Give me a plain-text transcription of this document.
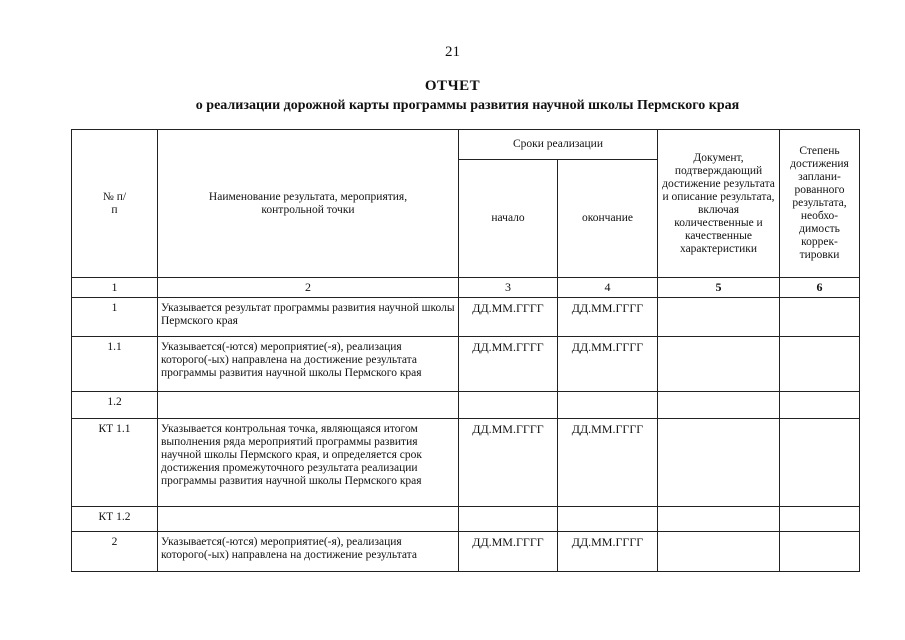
21
ОТЧЕТ
о реализации дорожной карты программы развития научной школы Пермского края
№ п/п	Наименование результата, мероприятия, контрольной точки	Сроки реализации		Документ, подтверждающий достижение результата и описание результата, включая количественные и качественные характеристики	Степень достижения заплани-рованного результата, необхо-димость коррек-тировки
		начало	окончание		
1	2	3	4	5	6
1	Указывается результат программы развития научной школы Пермского края	ДД.ММ.ГГГГ	ДД.ММ.ГГГГ		
1.1	Указывается(-ются) мероприятие(-я), реализация которого(-ых) направлена на достижение результата программы развития научной школы Пермского края	ДД.ММ.ГГГГ	ДД.ММ.ГГГГ		
1.2					
КТ 1.1	Указывается контрольная точка, являющаяся итогом выполнения ряда мероприятий программы развития научной школы Пермского края, и определяется срок достижения промежуточного результата реализации программы развития научной школы Пермского края	ДД.ММ.ГГГГ	ДД.ММ.ГГГГ		
КТ 1.2					
2	Указывается(-ются) мероприятие(-я), реализация которого(-ых) направлена на достижение результата	ДД.ММ.ГГГГ	ДД.ММ.ГГГГ		
